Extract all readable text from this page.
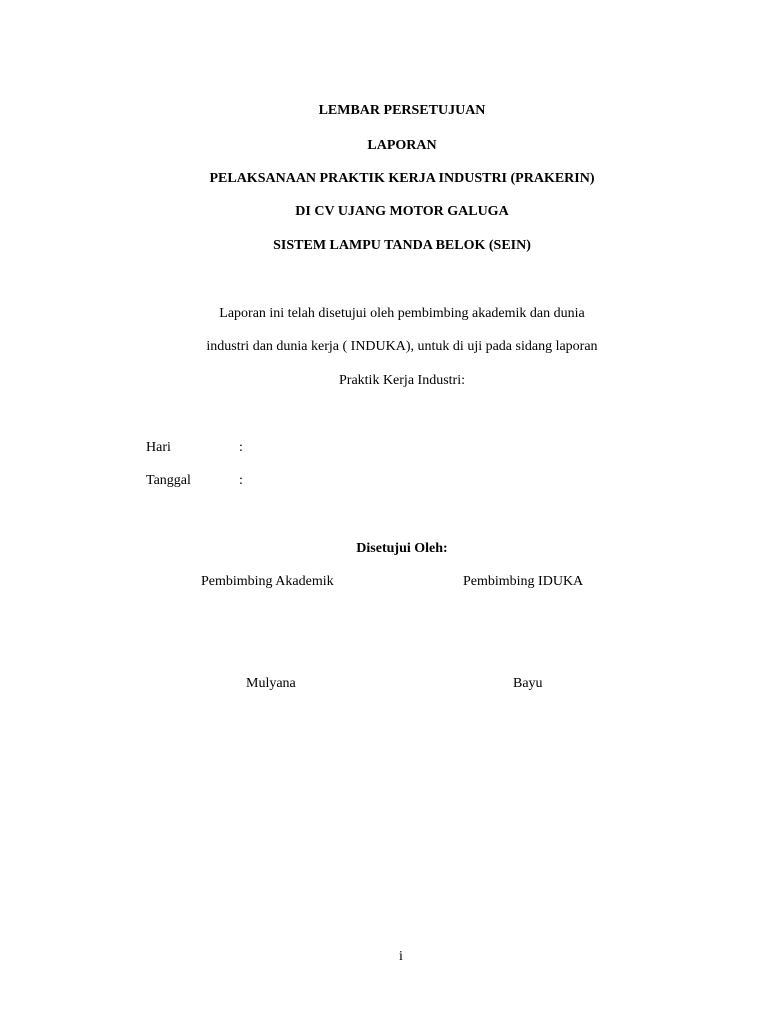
LEMBAR PERSETUJUAN
LAPORAN
PELAKSANAAN PRAKTIK KERJA INDUSTRI (PRAKERIN)
DI CV UJANG MOTOR GALUGA
SISTEM LAMPU TANDA BELOK (SEIN)
Laporan ini telah disetujui oleh pembimbing akademik dan dunia
industri dan dunia kerja ( INDUKA), untuk di uji pada sidang laporan
Praktik Kerja Industri:
Hari	:
Tanggal	:
Disetujui Oleh:
Pembimbing Akademik	Pembimbing IDUKA
Mulyana	Bayu
i
